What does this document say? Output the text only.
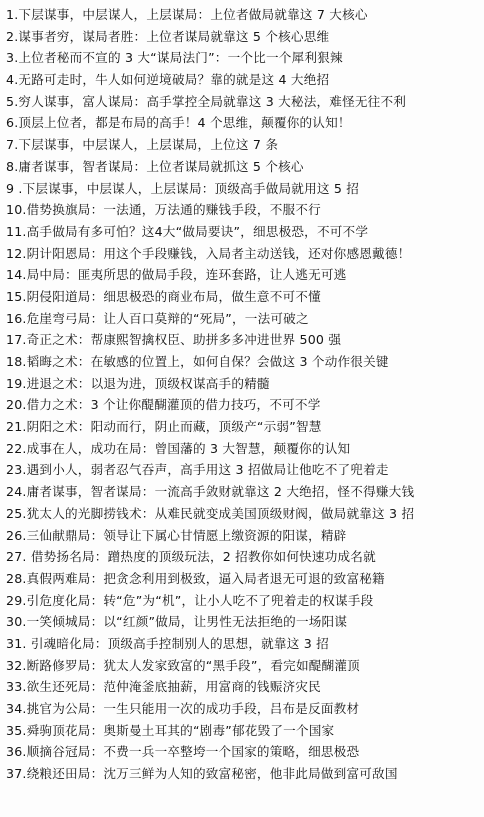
1.下层谋事，中层谋人，上层谋局：上位者做局就靠这 7 大核心
2.谋事者穷，谋局者胜：上位者谋局就靠这 5 个核心思维
3.上位者秘而不宣的 3 大“谋局法门”：一个比一个犀利狠辣
4.无路可走时，牛人如何逆境破局？靠的就是这 4 大绝招
5.穷人谋事，富人谋局：高手掌控全局就靠这 3 大秘法，难怪无往不利
6.顶层上位者，都是布局的高手！4 个思维，颠覆你的认知！
7.下层谋事，中层谋人，上层谋局，上位这 7 条
8.庸者谋事，智者谋局：上位者谋局就抓这 5 个核心
9 .下层谋事，中层谋人，上层谋局：顶级高手做局就用这 5 招
10.借势换旗局：一法通，万法通的赚钱手段，不服不行
11.高手做局有多可怕？这4大“做局要诀”，细思极恐，不可不学
12.阴计阳恩局：用这个手段赚钱，入局者主动送钱，还对你感恩戴德！
14.局中局：匪夷所思的做局手段，连环套路，让人逃无可逃
15.阴侵阳道局：细思极恐的商业布局，做生意不可不懂
16.危崖弯弓局：让人百口莫辩的“死局”，一法可破之
17.奇正之术：帮康熙智擒权臣、助拼多多冲进世界 500 强
18.韬晦之术：在敏感的位置上，如何自保？会做这 3 个动作很关键
19.进退之术：以退为进，顶级权谋高手的精髓
20.借力之术：3 个让你醍醐灌顶的借力技巧，不可不学
21.阴阳之术：阳动而行，阴止而藏，顶级产“示弱”智慧
22.成事在人，成功在局：曾国藩的 3 大智慧，颠覆你的认知
23.遇到小人，弱者忍气吞声，高手用这 3 招做局让他吃不了兜着走
24.庸者谋事，智者谋局：一流高手敛财就靠这 2 大绝招，怪不得赚大钱
25.犹太人的光脚捞钱术：从难民就变成美国顶级财阀，做局就靠这 3 招
26.三仙献鼎局：领导让下属心甘情愿上缴资源的阳谋，精辟
27. 借势扬名局：蹭热度的顶级玩法，2 招教你如何快速功成名就
28.真假两难局：把贪念利用到极致，逼入局者退无可退的致富秘籍
29.引危度化局：转“危”为“机”，让小人吃不了兜着走的权谋手段
30.一笑倾城局：以“红颜”做局，让男性无法拒绝的一场阳谋
31. 引魂暗化局：顶级高手控制别人的思想，就靠这 3 招
32.断路修罗局：犹太人发家致富的“黑手段”，看完如醍醐灌顶
33.欲生还死局：范仲淹釜底抽薪，用富商的钱赈济灾民
34.挑官为公局：一生只能用一次的成功手段，吕布是反面教材
35.舜驹顶花局：奥斯曼土耳其的“剧毒”郁花毁了一个国家
36.顺摘谷冠局：不费一兵一卒整垮一个国家的策略，细思极恐
37.绕粮还田局：沈万三鲜为人知的致富秘密，他非此局做到富可敌国
